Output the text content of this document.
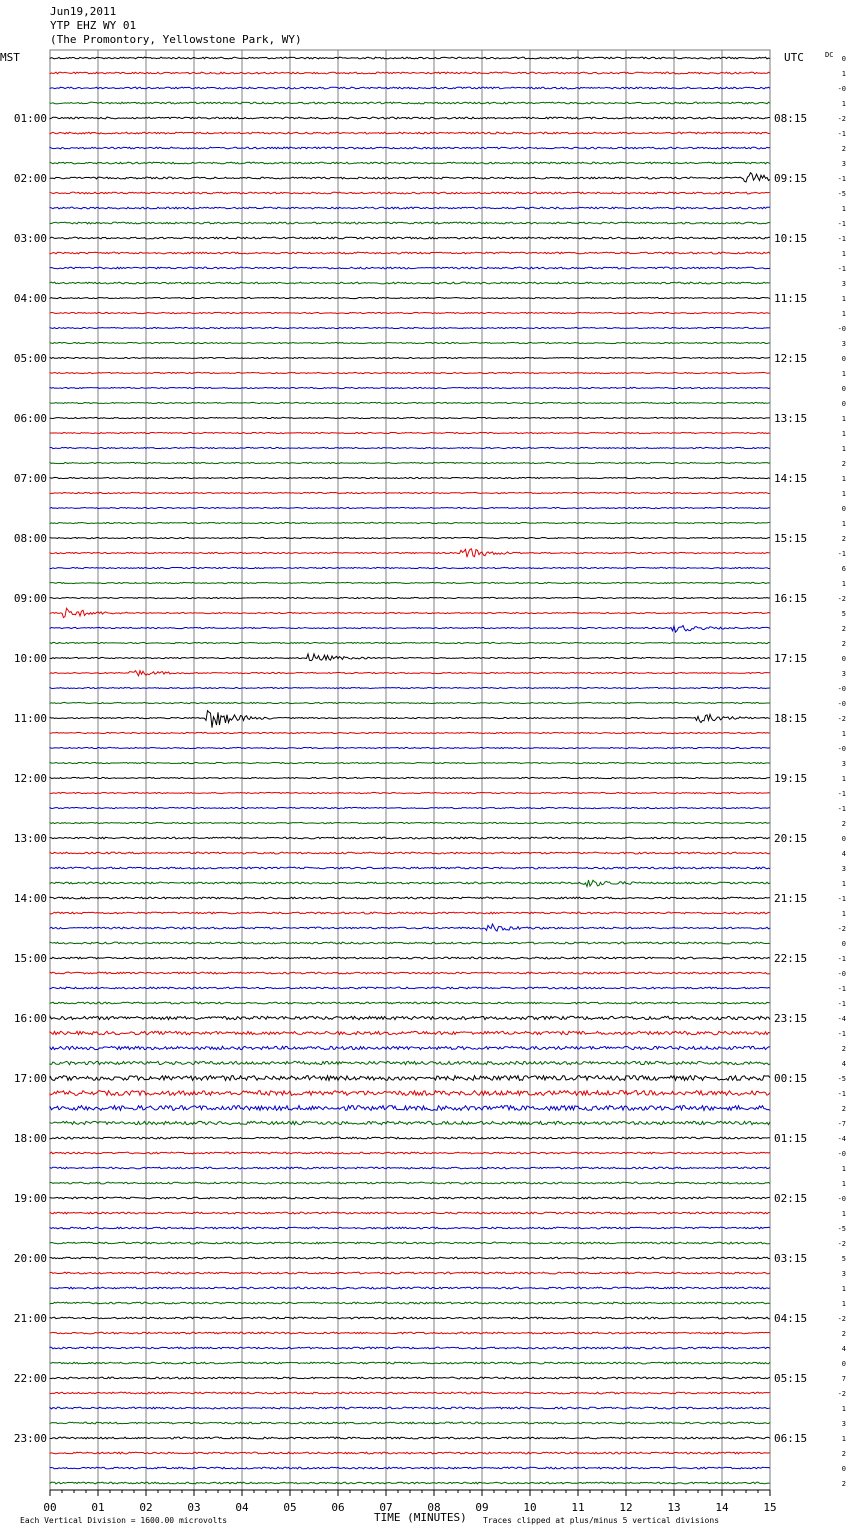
MST	UTC	DC
01:00
02:00
03:00
04:00
05:00
06:00
07:00
08:00
09:00
10:00
11:00
12:00
13:00
14:00
15:00
16:00
17:00
18:00
19:00
20:00
21:00
22:00
23:00
08:15
09:15
10:15
11:15
12:15
13:15
14:15
15:15
16:15
17:15
18:15
19:15
20:15
21:15
22:15
23:15
00:15
01:15
02:15
03:15
04:15
05:15
06:15
0
1
-0
1
-2
-1
2
3
-1
-5
1
-1
-1
1
-1
3
1
1
-0
3
0
1
0
0
1
1
1
2
1
1
0
1
2
-1
6
1
-2
5
2
2
0
3
-0
-0
-2
1
-0
3
1
-1
-1
2
0
4
3
1
-1
1
-2
0
-1
-0
-1
-1
-4
-1
2
4
-5
-1
2
-7
-4
-0
1
1
-0
1
-5
-2
5
3
1
1
-2
2
4
0
7
-2
1
3
1
2
0
2
00	01	02	03	04	05	06	07	08	09	10	11	12	13	14	15
Jun19,2011
YTP EHZ WY 01
(The Promontory, Yellowstone Park, WY)
TIME (MINUTES)
Each Vertical Division = 1600.00 microvolts	Traces clipped at plus/minus 5 vertical divisions
